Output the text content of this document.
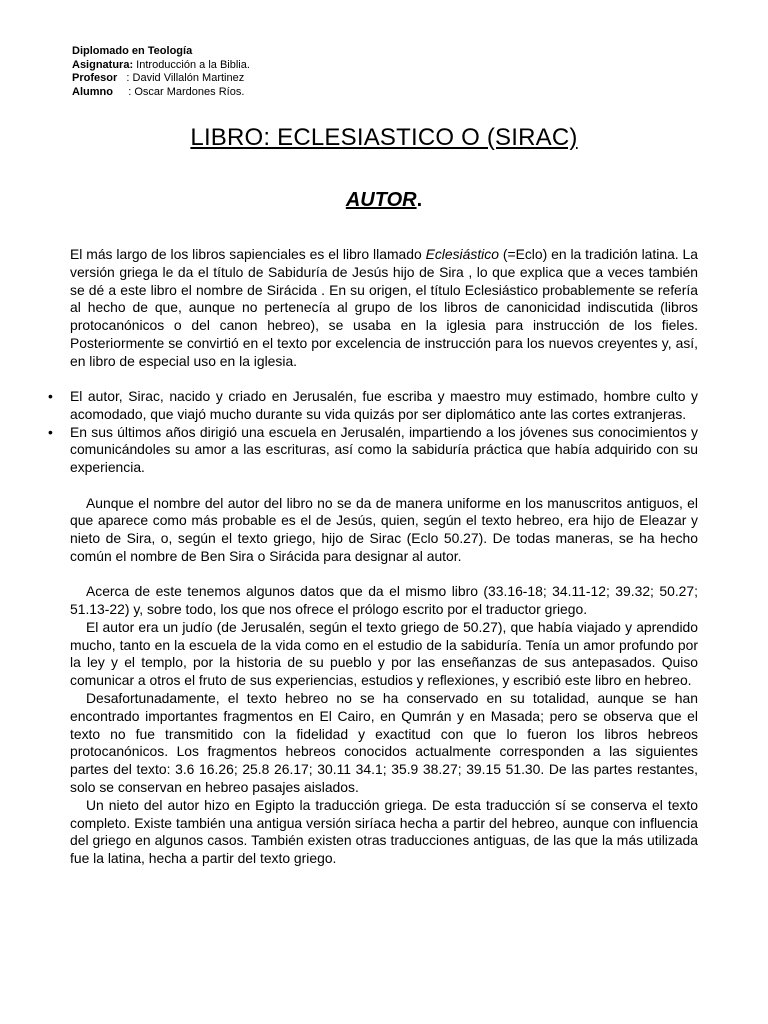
Diplomado en Teología
Asignatura: Introducción a la Biblia.
Profesor   : David Villalón Martinez
Alumno     : Oscar Mardones Ríos.
LIBRO: ECLESIASTICO O (SIRAC)
AUTOR.

El más largo de los libros sapienciales es el libro llamado Eclesiástico (=Eclo) en la tradición latina. La versión griega le da el título de Sabiduría de Jesús hijo de Sira , lo que explica que a veces también se dé a este libro el nombre de Sirácida . En su origen, el título Eclesiástico probablemente se refería al hecho de que, aunque no pertenecía al grupo de los libros de canonicidad indiscutida (libros protocanónicos o del canon hebreo), se usaba en la iglesia para instrucción de los fieles. Posteriormente se convirtió en el texto por excelencia de instrucción para los nuevos creyentes y, así, en libro de especial uso en la iglesia.

• El autor, Sirac, nacido y criado en Jerusalén, fue escriba y maestro muy estimado, hombre culto y acomodado, que viajó mucho durante su vida quizás por ser diplomático ante las cortes extranjeras.
• En sus últimos años dirigió una escuela en Jerusalén, impartiendo a los jóvenes sus conocimientos y comunicándoles su amor a las escrituras, así como la sabiduría práctica que había adquirido con su experiencia.

Aunque el nombre del autor del libro no se da de manera uniforme en los manuscritos antiguos, el que aparece como más probable es el de Jesús, quien, según el texto hebreo, era hijo de Eleazar y nieto de Sira, o, según el texto griego, hijo de Sirac (Eclo 50.27). De todas maneras, se ha hecho común el nombre de Ben Sira o Sirácida para designar al autor.

Acerca de este tenemos algunos datos que da el mismo libro (33.16-18; 34.11-12; 39.32; 50.27; 51.13-22) y, sobre todo, los que nos ofrece el prólogo escrito por el traductor griego.

El autor era un judío (de Jerusalén, según el texto griego de 50.27), que había viajado y aprendido mucho, tanto en la escuela de la vida como en el estudio de la sabiduría. Tenía un amor profundo por la ley y el templo, por la historia de su pueblo y por las enseñanzas de sus antepasados. Quiso comunicar a otros el fruto de sus experiencias, estudios y reflexiones, y escribió este libro en hebreo.

Desafortunadamente, el texto hebreo no se ha conservado en su totalidad, aunque se han encontrado importantes fragmentos en El Cairo, en Qumrán y en Masada; pero se observa que el texto no fue transmitido con la fidelidad y exactitud con que lo fueron los libros hebreos protocanónicos. Los fragmentos hebreos conocidos actualmente corresponden a las siguientes partes del texto: 3.6 16.26; 25.8 26.17; 30.11 34.1; 35.9 38.27; 39.15 51.30. De las partes restantes, solo se conservan en hebreo pasajes aislados.

Un nieto del autor hizo en Egipto la traducción griega. De esta traducción sí se conserva el texto completo. Existe también una antigua versión siríaca hecha a partir del hebreo, aunque con influencia del griego en algunos casos. También existen otras traducciones antiguas, de las que la más utilizada fue la latina, hecha a partir del texto griego.
